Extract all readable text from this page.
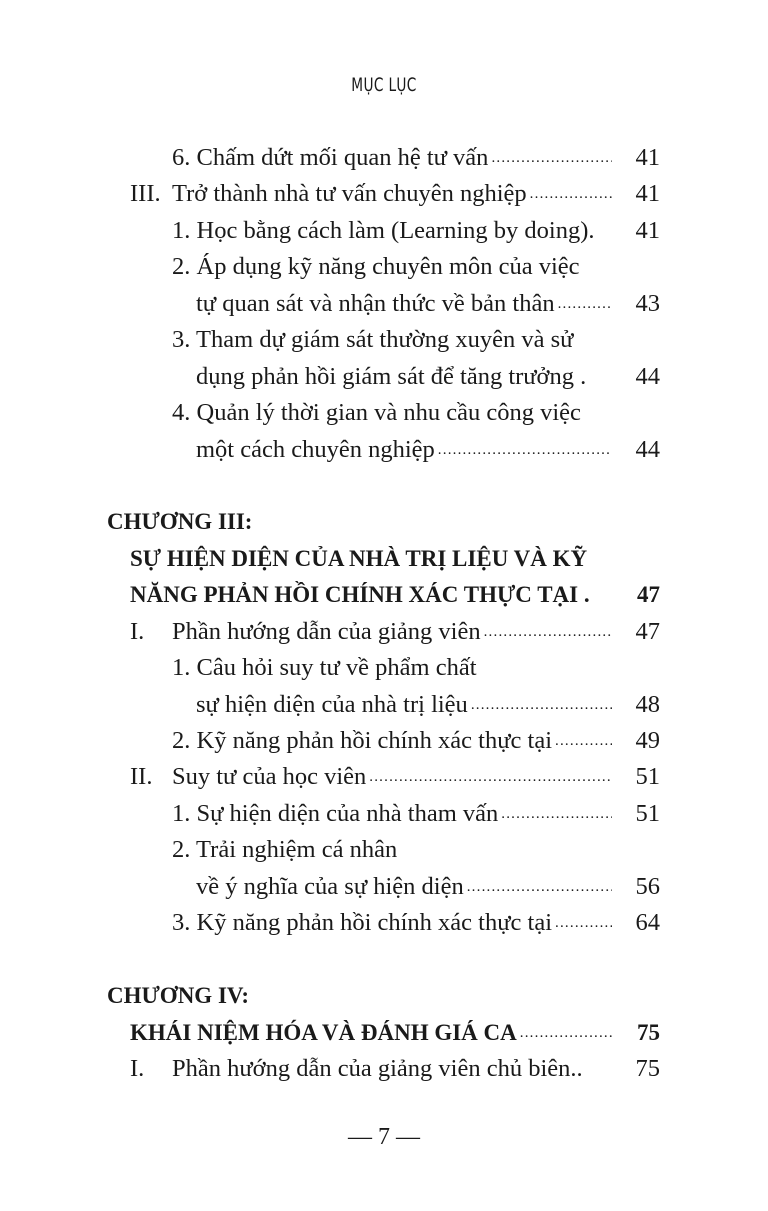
MỤC LỤC
6. Chấm dứt mối quan hệ tư vấn .....	41
III. Trở thành nhà tư vấn chuyên nghiệp .....	41
1. Học bằng cách làm (Learning by doing).	41
2. Áp dụng kỹ năng chuyên môn của việc
tự quan sát và nhận thức về bản thân .....	43
3. Tham dự giám sát thường xuyên và sử
dụng phản hồi giám sát để tăng trưởng .	44
4. Quản lý thời gian và nhu cầu công việc
một cách chuyên nghiệp .....	44
CHƯƠNG III:
SỰ HIỆN DIỆN CỦA NHÀ TRỊ LIỆU VÀ KỸ
NĂNG PHẢN HỒI CHÍNH XÁC THỰC TẠI .	47
I. Phần hướng dẫn của giảng viên .....	47
1. Câu hỏi suy tư về phẩm chất
sự hiện diện của nhà trị liệu .....	48
2. Kỹ năng phản hồi chính xác thực tại .....	49
II. Suy tư của học viên .....	51
1. Sự hiện diện của nhà tham vấn .....	51
2. Trải nghiệm cá nhân
về ý nghĩa của sự hiện diện .....	56
3. Kỹ năng phản hồi chính xác thực tại .....	64
CHƯƠNG IV:
KHÁI NIỆM HÓA VÀ ĐÁNH GIÁ CA .....	75
I. Phần hướng dẫn của giảng viên chủ biên..	75
— 7 —
